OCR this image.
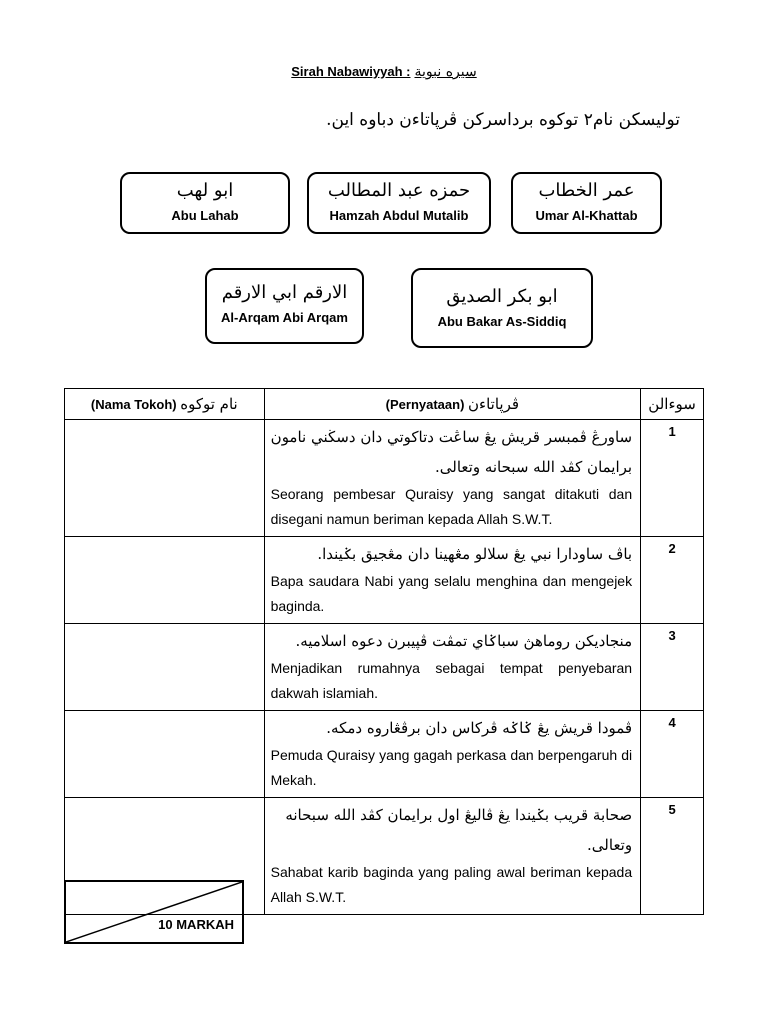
Sirah Nabawiyyah : سيره نبوية
توليسكن نام٢ توكوه برداسركن ڤرپاتاءن دباوه اين.
ابو لهب
Abu Lahab
حمزه عبد المطالب
Hamzah Abdul Mutalib
عمر الخطاب
Umar Al-Khattab
الارقم ابي الارقم
Al-Arqam Abi Arqam
ابو بكر الصديق
Abu Bakar As-Siddiq
(Nama Tokoh) نام توكوه	(Pernyataan) ڤرپاتاءن	سوءالن

	ساورڠ ڤمبسر قريش يڠ ساڠت دتاکوتي دان دسڬني نامون برايمان کڤد الله سبحانه وتعالى.
Seorang pembesar Quraisy yang sangat ditakuti dan disegani namun beriman kepada Allah S.W.T.	1

	باڤ ساودارا نبي يڠ سلالو مڠهينا دان مڠجيق بݢيندا.
Bapa saudara Nabi yang selalu menghina dan mengejek baginda.	2

	منجاديکن روماهڽ سباݢاي تمڤت ڤڽيبرن دعوه اسلاميه.
Menjadikan rumahnya sebagai tempat penyebaran dakwah islamiah.	3

	ڤمودا قريش يڠ ݢاݢه ڤرکاس دان برڤڠاروه دمکه.
Pemuda Quraisy yang gagah perkasa dan berpengaruh di Mekah.	4

	صحابة قريب بݢيندا يڠ ڤاليڠ اول برايمان کڤد الله سبحانه وتعالى.
Sahabat karib baginda yang paling awal beriman kepada Allah S.W.T.	5
10 MARKAH
